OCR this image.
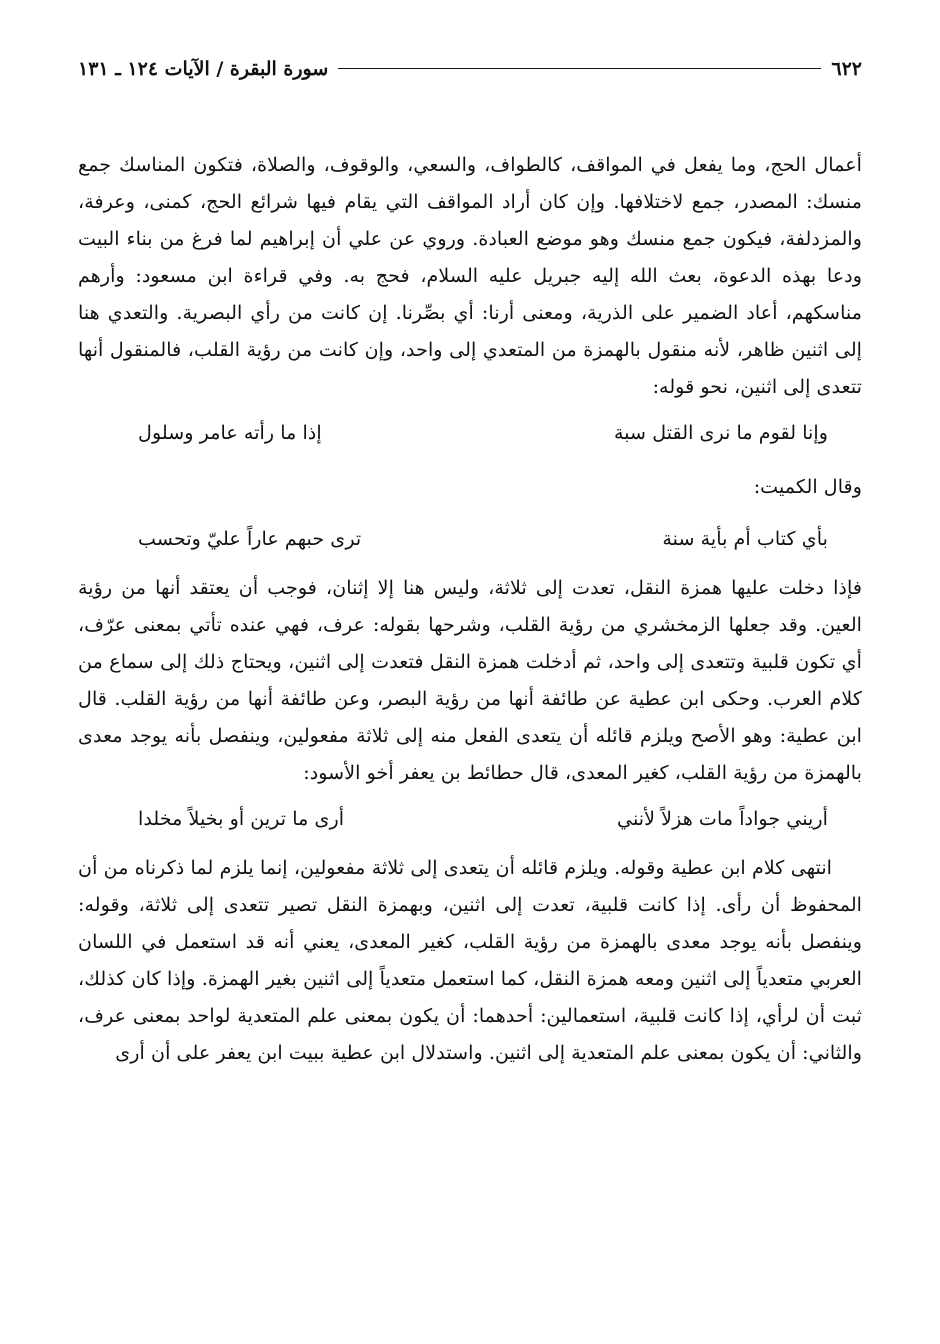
٦٢٢
سورة البقرة / الآيات ١٢٤ ـ ١٣١

أعمال الحج، وما يفعل في المواقف، كالطواف، والسعي، والوقوف، والصلاة، فتكون المناسك جمع منسك: المصدر، جمع لاختلافها. وإن كان أراد المواقف التي يقام فيها شرائع الحج، كمنى، وعرفة، والمزدلفة، فيكون جمع منسك وهو موضع العبادة. وروي عن علي أن إبراهيم لما فرغ من بناء البيت ودعا بهذه الدعوة، بعث الله إليه جبريل عليه السلام، فحج به. وفي قراءة ابن مسعود: وأرهم مناسكهم، أعاد الضمير على الذرية، ومعنى أرنا: أي بصِّرنا. إن كانت من رأي البصرية. والتعدي هنا إلى اثنين ظاهر، لأنه منقول بالهمزة من المتعدي إلى واحد، وإن كانت من رؤية القلب، فالمنقول أنها تتعدى إلى اثنين، نحو قوله:

وإنا لقوم ما نرى القتل سبة
إذا ما رأته عامر وسلول

وقال الكميت:

بأي كتاب أم بأية سنة
ترى حبهم عاراً عليّ وتحسب

فإذا دخلت عليها همزة النقل، تعدت إلى ثلاثة، وليس هنا إلا إثنان، فوجب أن يعتقد أنها من رؤية العين. وقد جعلها الزمخشري من رؤية القلب، وشرحها بقوله: عرف، فهي عنده تأتي بمعنى عرّف، أي تكون قلبية وتتعدى إلى واحد، ثم أدخلت همزة النقل فتعدت إلى اثنين، ويحتاج ذلك إلى سماع من كلام العرب. وحكى ابن عطية عن طائفة أنها من رؤية البصر، وعن طائفة أنها من رؤية القلب. قال ابن عطية: وهو الأصح ويلزم قائله أن يتعدى الفعل منه إلى ثلاثة مفعولين، وينفصل بأنه يوجد معدى بالهمزة من رؤية القلب، كغير المعدى، قال حطائط بن يعفر أخو الأسود:

أريني جواداً مات هزلاً لأنني
أرى ما ترين أو بخيلاً مخلدا

انتهى كلام ابن عطية وقوله. ويلزم قائله أن يتعدى إلى ثلاثة مفعولين، إنما يلزم لما ذكرناه من أن المحفوظ أن رأى. إذا كانت قلبية، تعدت إلى اثنين، وبهمزة النقل تصير تتعدى إلى ثلاثة، وقوله: وينفصل بأنه يوجد معدى بالهمزة من رؤية القلب، كغير المعدى، يعني أنه قد استعمل في اللسان العربي متعدياً إلى اثنين ومعه همزة النقل، كما استعمل متعدياً إلى اثنين بغير الهمزة. وإذا كان كذلك، ثبت أن لرأي، إذا كانت قلبية، استعمالين: أحدهما: أن يكون بمعنى علم المتعدية لواحد بمعنى عرف، والثاني: أن يكون بمعنى علم المتعدية إلى اثنين. واستدلال ابن عطية ببيت ابن يعفر على أن أرى
